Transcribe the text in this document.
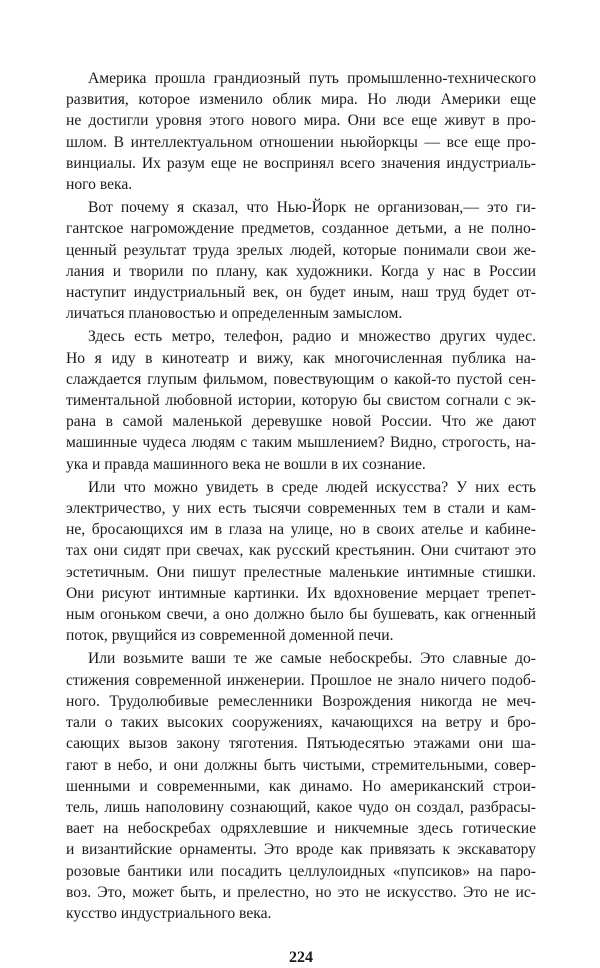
Америка прошла грандиозный путь промышленно-технического
развития, которое изменило облик мира. Но люди Америки еще
не достигли уровня этого нового мира. Они все еще живут в про-
шлом. В интеллектуальном отношении ньюйоркцы — все еще про-
винциалы. Их разум еще не воспринял всего значения индустриаль-
ного века.
Вот почему я сказал, что Нью-Йорк не организован,— это ги-
гантское нагромождение предметов, созданное детьми, а не полно-
ценный результат труда зрелых людей, которые понимали свои же-
лания и творили по плану, как художники. Когда у нас в России
наступит индустриальный век, он будет иным, наш труд будет от-
личаться плановостью и определенным замыслом.
Здесь есть метро, телефон, радио и множество других чудес.
Но я иду в кинотеатр и вижу, как многочисленная публика на-
слаждается глупым фильмом, повествующим о какой-то пустой сен-
тиментальной любовной истории, которую бы свистом согнали с эк-
рана в самой маленькой деревушке новой России. Что же дают
машинные чудеса людям с таким мышлением? Видно, строгость, на-
ука и правда машинного века не вошли в их сознание.
Или что можно увидеть в среде людей искусства? У них есть
электричество, у них есть тысячи современных тем в стали и кам-
не, бросающихся им в глаза на улице, но в своих ателье и кабине-
тах они сидят при свечах, как русский крестьянин. Они считают это
эстетичным. Они пишут прелестные маленькие интимные стишки.
Они рисуют интимные картинки. Их вдохновение мерцает трепет-
ным огоньком свечи, а оно должно было бы бушевать, как огненный
поток, рвущийся из современной доменной печи.
Или возьмите ваши те же самые небоскребы. Это славные до-
стижения современной инженерии. Прошлое не знало ничего подоб-
ного. Трудолюбивые ремесленники Возрождения никогда не меч-
тали о таких высоких сооружениях, качающихся на ветру и бро-
сающих вызов закону тяготения. Пятьюдесятью этажами они ша-
гают в небо, и они должны быть чистыми, стремительными, совер-
шенными и современными, как динамо. Но американский строи-
тель, лишь наполовину сознающий, какое чудо он создал, разбрасы-
вает на небоскребах одряхлевшие и никчемные здесь готические
и византийские орнаменты. Это вроде как привязать к экскаватору
розовые бантики или посадить целлулоидных «пупсиков» на паро-
воз. Это, может быть, и прелестно, но это не искусство. Это не ис-
кусство индустриального века.
224
